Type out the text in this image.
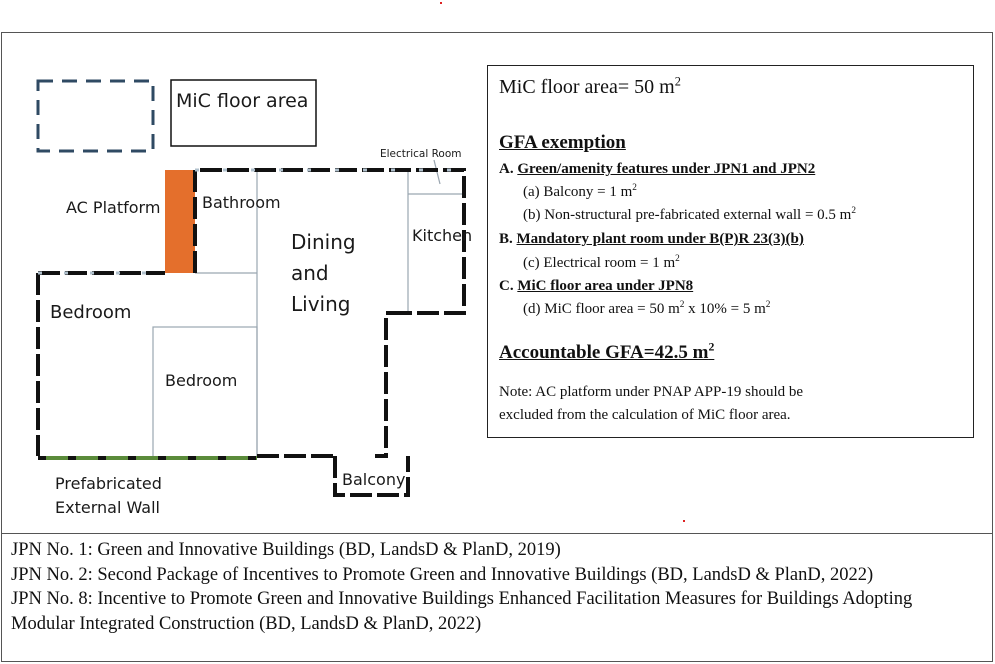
MiC floor area
AC Platform	Bathroom
Dining
and
Living
Kitchen
Electrical Room
Bedroom
Bedroom
Balcony
Prefabricated
External Wall
MiC floor area= 50 $m^2$
GFA exemption
A. Green/amenity features under JPN1 and JPN2
(a) Balcony = 1 $m^2$
(b) Non-structural pre-fabricated external wall = 0.5 $m^2$
B. Mandatory plant room under B(P)R 23(3)(b)
(c) Electrical room = 1 $m^2$
C. MiC floor area under JPN8
(d) MiC floor area = 50 $m^2$ x 10% = 5 $m^2$
Accountable GFA=42.5 $m^2$
Note: AC platform under PNAP APP-19 should be
excluded from the calculation of MiC floor area.
JPN No. 1: Green and Innovative Buildings (BD, LandsD & PlanD, 2019)
JPN No. 2: Second Package of Incentives to Promote Green and Innovative Buildings (BD, LandsD & PlanD, 2022)
JPN No. 8: Incentive to Promote Green and Innovative Buildings Enhanced Facilitation Measures for Buildings Adopting Modular Integrated Construction (BD, LandsD & PlanD, 2022)
